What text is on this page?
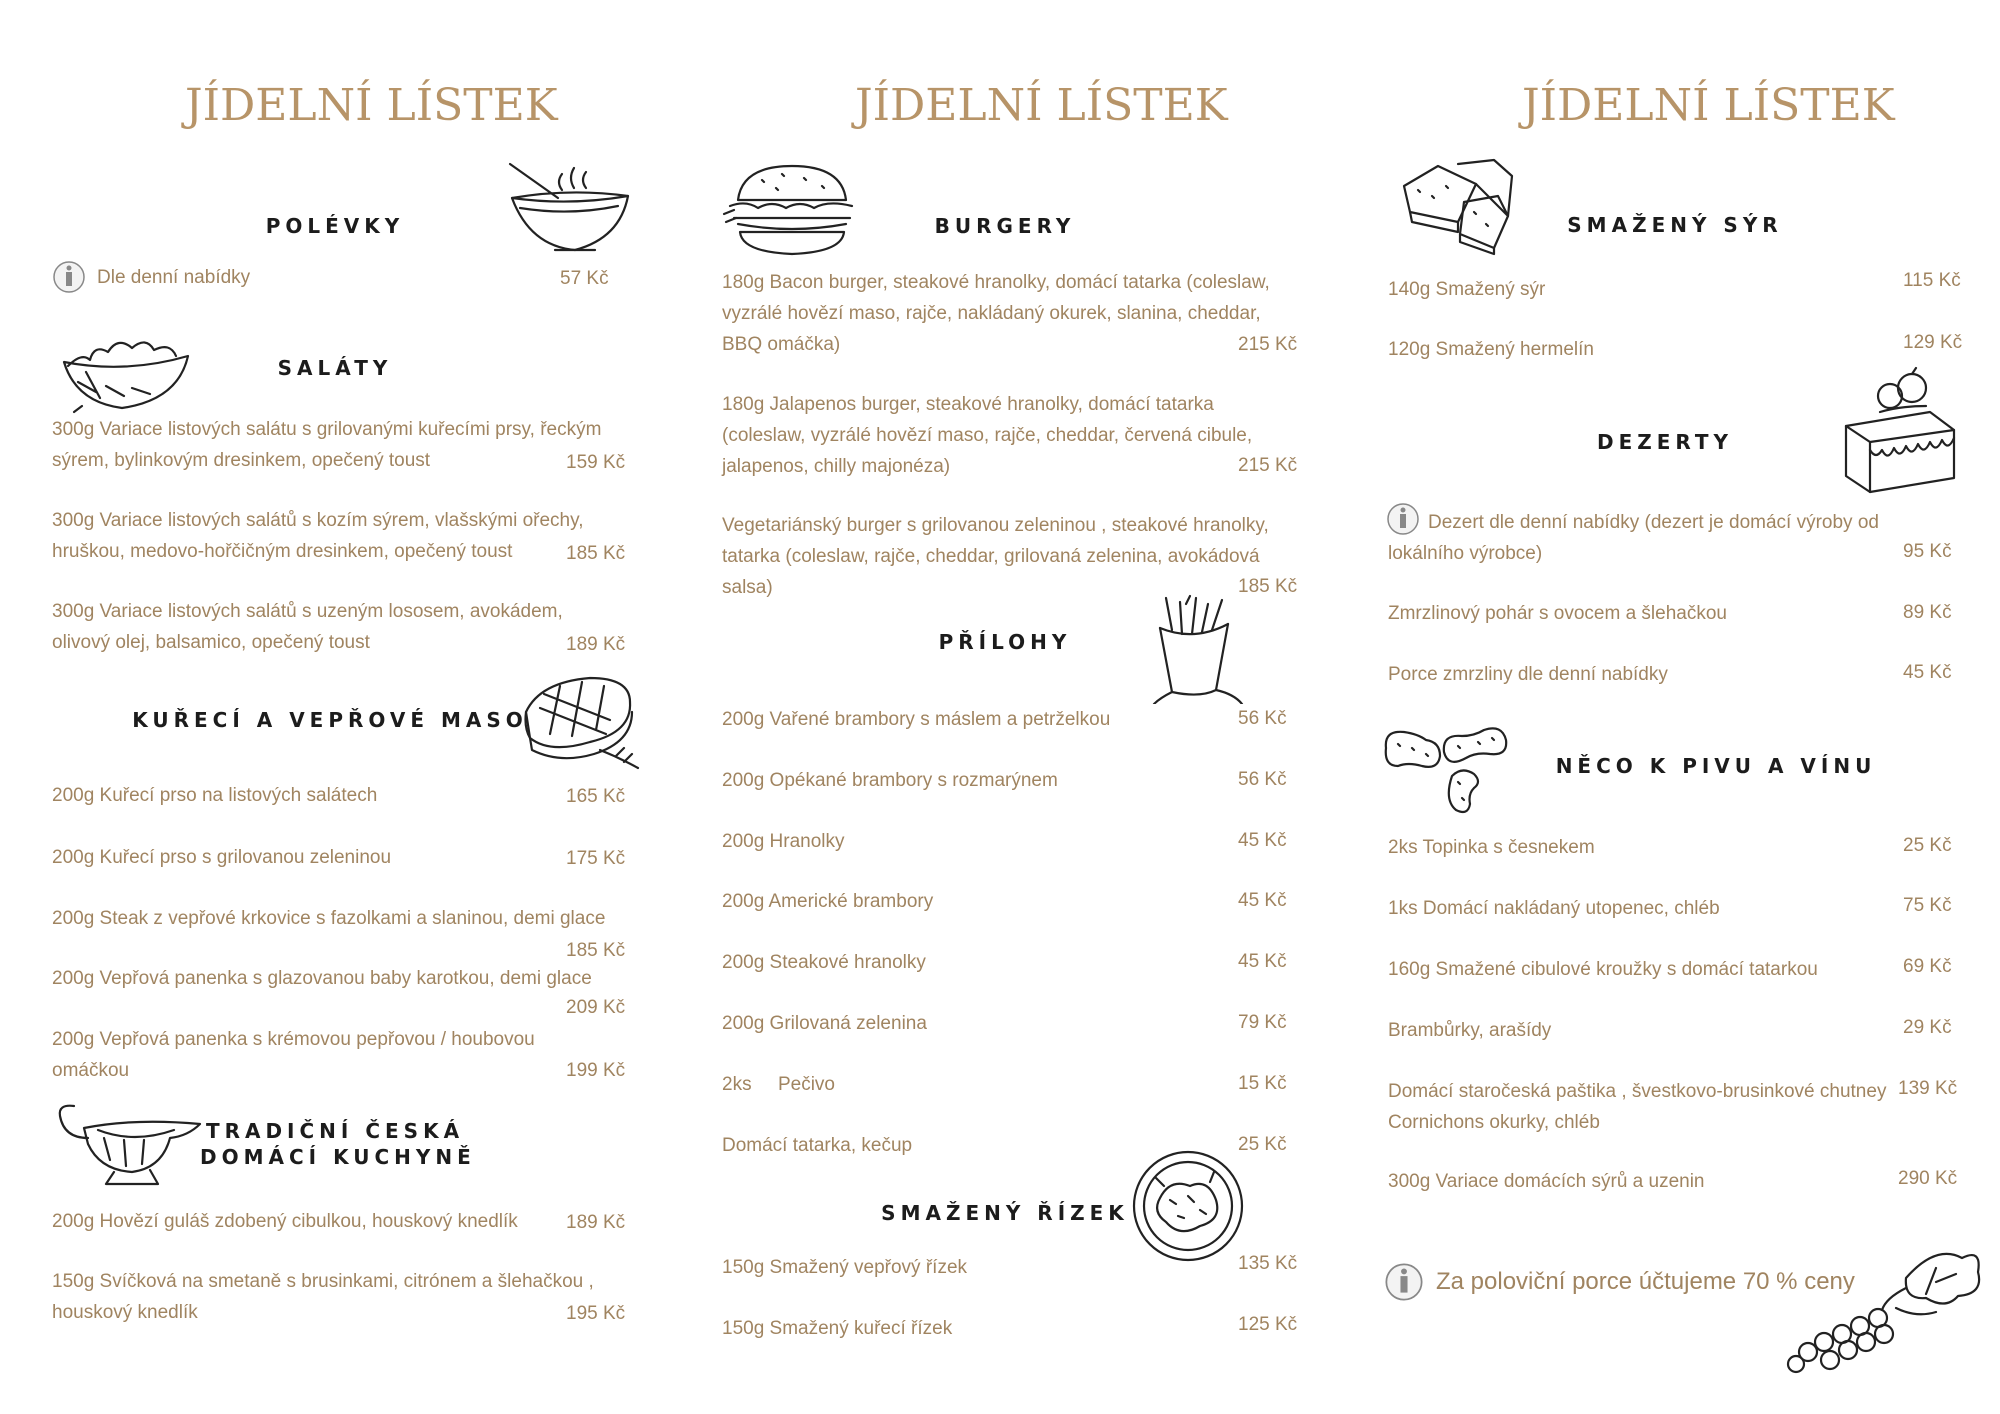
JÍDELNÍ LÍSTEK
POLÉVKY
Dle denní nabídky	57 Kč
SALÁTY
300g Variace listových salátu s grilovanými kuřecími prsy, řeckým sýrem, bylinkovým dresinkem, opečený toust	159 Kč
300g Variace listových salátů s kozím sýrem, vlašskými ořechy, hruškou, medovo-hořčičným dresinkem, opečený toust	185 Kč
300g Variace listových salátů s uzeným lososem, avokádem, olivový olej, balsamico, opečený toust	189 Kč
KUŘECÍ A VEPŘOVÉ MASO
200g Kuřecí prso na listových salátech	165 Kč
200g Kuřecí prso s grilovanou zeleninou	175 Kč
200g Steak z vepřové krkovice s fazolkami a slaninou, demi glace
185 Kč
200g Vepřová panenka s glazovanou baby karotkou, demi glace
209 Kč
200g Vepřová panenka s krémovou pepřovou / houbovou omáčkou	199 Kč
TRADIČNÍ ČESKÁ
DOMÁCÍ KUCHYNĚ
200g Hovězí guláš zdobený cibulkou, houskový knedlík	189 Kč
150g Svíčková na smetaně s brusinkami, citrónem a šlehačkou , houskový knedlík	195 Kč
JÍDELNÍ LÍSTEK
BURGERY
180g Bacon burger, steakové hranolky, domácí tatarka (coleslaw, vyzrálé hovězí maso, rajče, nakládaný okurek, slanina, cheddar, BBQ omáčka)	215 Kč
180g Jalapenos burger, steakové hranolky, domácí tatarka (coleslaw, vyzrálé hovězí maso, rajče, cheddar, červená cibule, jalapenos, chilly majonéza)	215 Kč
Vegetariánský burger s grilovanou zeleninou , steakové hranolky, tatarka (coleslaw, rajče, cheddar, grilovaná zelenina, avokádová salsa)	185 Kč
PŘÍLOHY
200g Vařené brambory s máslem a petrželkou	56 Kč
200g Opékané brambory s rozmarýnem	56 Kč
200g Hranolky	45 Kč
200g Americké brambory	45 Kč
200g Steakové hranolky	45 Kč
200g Grilovaná zelenina	79 Kč
2ks     Pečivo	15 Kč
Domácí tatarka, kečup	25 Kč
SMAŽENÝ ŘÍZEK
150g Smažený vepřový řízek	135 Kč
150g Smažený kuřecí řízek	125 Kč
JÍDELNÍ LÍSTEK
SMAŽENÝ SÝR
140g Smažený sýr	115 Kč
120g Smažený hermelín	129 Kč
DEZERTY
Dezert dle denní nabídky (dezert je domácí výroby od lokálního výrobce)	95 Kč
Zmrzlinový pohár s ovocem a šlehačkou	89 Kč
Porce zmrzliny dle denní nabídky	45 Kč
NĚCO K PIVU A VÍNU
2ks Topinka s česnekem	25 Kč
1ks Domácí nakládaný utopenec, chléb	75 Kč
160g Smažené cibulové kroužky s domácí tatarkou	69 Kč
Brambůrky, arašídy	29 Kč
Domácí staročeská paštika , švestkovo-brusinkové chutney Cornichons okurky, chléb
139 Kč
300g Variace domácích sýrů a uzenin	290 Kč
Za poloviční porce účtujeme 70 % ceny
